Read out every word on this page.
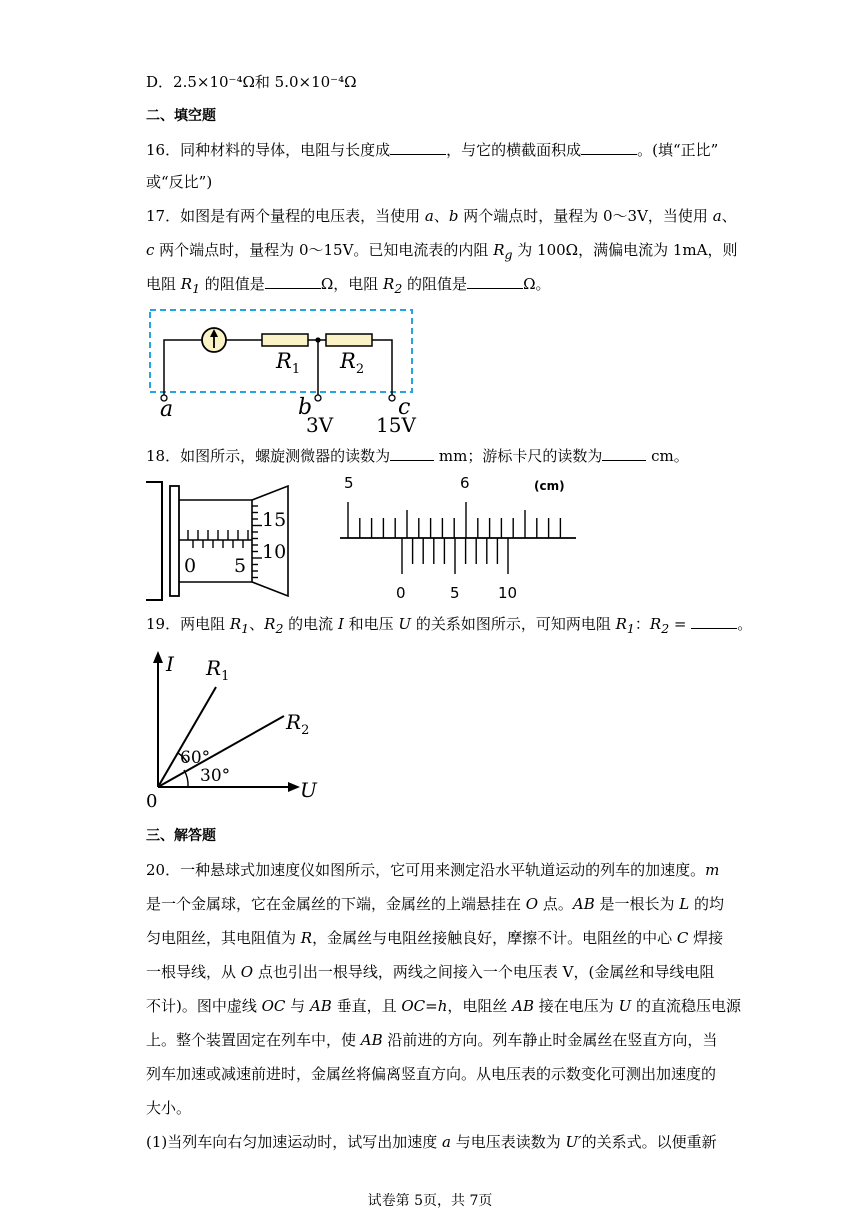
D．2.5×10⁻⁴Ω和 5.0×10⁻⁴Ω
二、填空题
16．同种材料的导体，电阻与长度成	，与它的横截面积成	。(填“正比”
或“反比”)
17．如图是有两个量程的电压表，当使用 a、b 两个端点时，量程为 0～3V，当使用 a、
c 两个端点时，量程为 0～15V。已知电流表的内阻 $R_g$ 为 100Ω，满偏电流为 1mA，则
电阻 $R_1$ 的阻值是	Ω，电阻 $R_2$ 的阻值是	Ω。
$R_1$ $R_2$
a	b	c
3V 15V
18．如图所示，螺旋测微器的读数为	mm；游标卡尺的读数为	cm。
15
10
0 5
5	6	(cm)
0	5	10
19．两电阻 $R_1$、$R_2$ 的电流 I 和电压 U 的关系如图所示，可知两电阻 $R_1$：$R_2$ =	。
I
U
0
$R_1$
$R_2$
60°
30°
三、解答题
20．一种悬球式加速度仪如图所示，它可用来测定沿水平轨道运动的列车的加速度。m
是一个金属球，它在金属丝的下端，金属丝的上端悬挂在 O 点。AB 是一根长为 L 的均
匀电阻丝，其电阻值为 R，金属丝与电阻丝接触良好，摩擦不计。电阻丝的中心 C 焊接
一根导线，从 O 点也引出一根导线，两线之间接入一个电压表 V，(金属丝和导线电阻
不计)。图中虚线 OC 与 AB 垂直，且 OC=h，电阻丝 AB 接在电压为 U 的直流稳压电源
上。整个装置固定在列车中，使 AB 沿前进的方向。列车静止时金属丝在竖直方向，当
列车加速或减速前进时，金属丝将偏离竖直方向。从电压表的示数变化可测出加速度的
大小。
(1)当列车向右匀加速运动时，试写出加速度 a 与电压表读数为 U′的关系式。以便重新
试卷第 5页，共 7页
